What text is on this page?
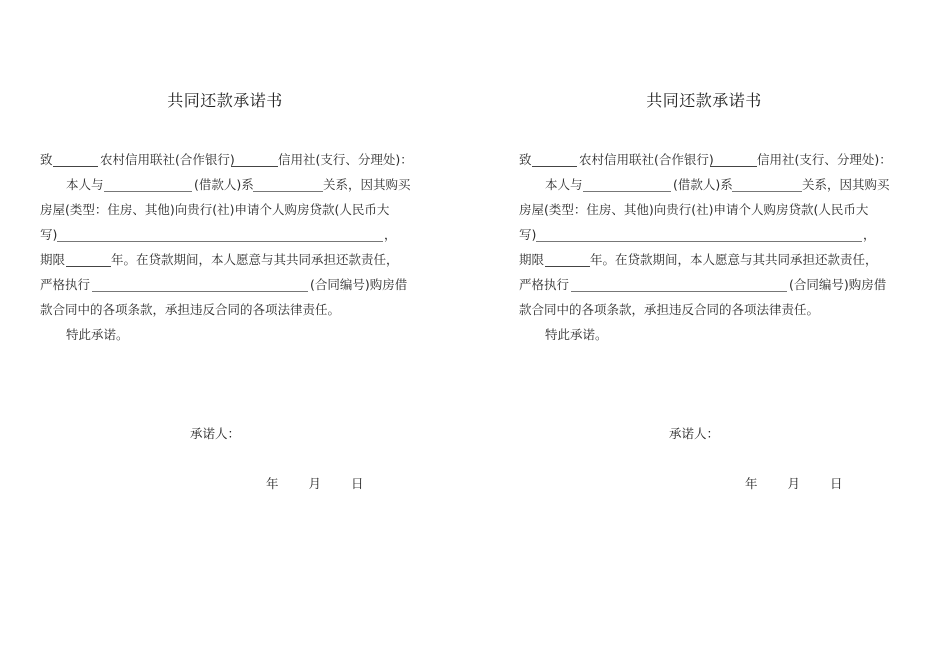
共同还款承诺书
致	农村信用联社(合作银行)	信用社(支行、分理处)：
本人与	(借款人)系	关系，因其购买
房屋(类型：住房、其他)向贵行(社)申请个人购房贷款(人民币大
写)	，
期限	年。在贷款期间，本人愿意与其共同承担还款责任，
严格执行	(合同编号)购房借
款合同中的各项条款，承担违反合同的各项法律责任。
特此承诺。
承诺人：
年 月 日
共同还款承诺书
致	农村信用联社(合作银行)	信用社(支行、分理处)：
本人与	(借款人)系	关系，因其购买
房屋(类型：住房、其他)向贵行(社)申请个人购房贷款(人民币大
写)	，
期限	年。在贷款期间，本人愿意与其共同承担还款责任，
严格执行	(合同编号)购房借
款合同中的各项条款，承担违反合同的各项法律责任。
特此承诺。
承诺人：
年 月 日
